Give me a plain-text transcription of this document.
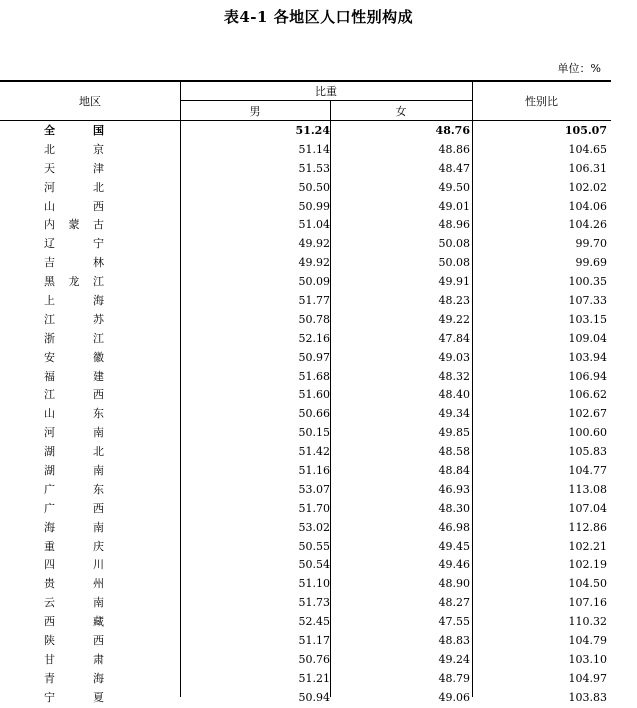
表4-1 各地区人口性别构成
单位：%
地区
比重
男	女
性别比
全　国	51.24	48.76	105.07
北　京	51.14	48.86	104.65
天　津	51.53	48.47	106.31
河　北	50.50	49.50	102.02
山　西	50.99	49.01	104.06
内蒙古	51.04	48.96	104.26
辽　宁	49.92	50.08	99.70
吉　林	49.92	50.08	99.69
黑龙江	50.09	49.91	100.35
上　海	51.77	48.23	107.33
江　苏	50.78	49.22	103.15
浙　江	52.16	47.84	109.04
安　徽	50.97	49.03	103.94
福　建	51.68	48.32	106.94
江　西	51.60	48.40	106.62
山　东	50.66	49.34	102.67
河　南	50.15	49.85	100.60
湖　北	51.42	48.58	105.83
湖　南	51.16	48.84	104.77
广　东	53.07	46.93	113.08
广　西	51.70	48.30	107.04
海　南	53.02	46.98	112.86
重　庆	50.55	49.45	102.21
四　川	50.54	49.46	102.19
贵　州	51.10	48.90	104.50
云　南	51.73	48.27	107.16
西　藏	52.45	47.55	110.32
陕　西	51.17	48.83	104.79
甘　肃	50.76	49.24	103.10
青　海	51.21	48.79	104.97
宁　夏	50.94	49.06	103.83
